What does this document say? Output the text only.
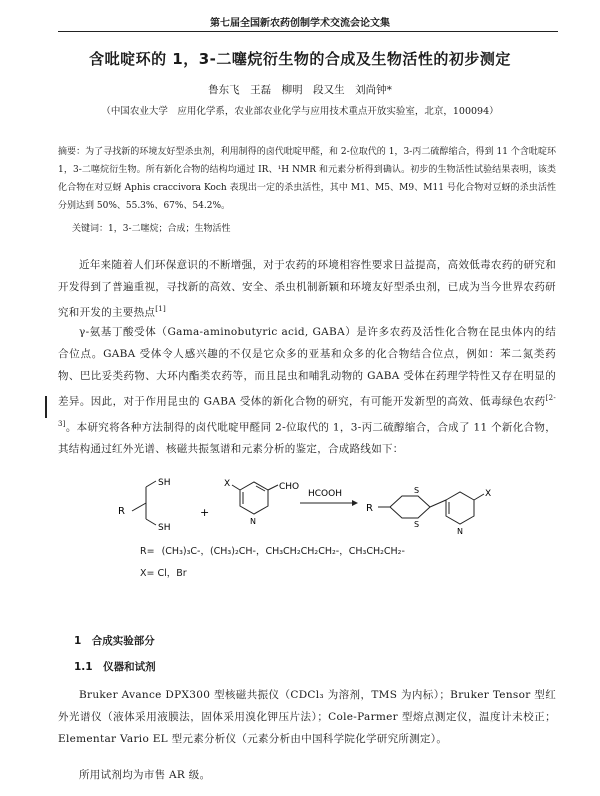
第七届全国新农药创制学术交流会论文集
含吡啶环的 1，3-二噻烷衍生物的合成及生物活性的初步测定
鲁东飞　王磊　柳明　段又生　刘尚钟*
（中国农业大学　应用化学系，农业部农业化学与应用技术重点开放实验室，北京，100094）
摘要：为了寻找新的环境友好型杀虫剂，利用制得的卤代吡啶甲醛，和 2-位取代的 1，3-丙二硫醇缩合，得到 11 个含吡啶环 1，3-二噻烷衍生物。所有新化合物的结构均通过 IR、¹H NMR 和元素分析得到确认。初步的生物活性试验结果表明，该类化合物在对豆蚜 Aphis craccivora Koch 表现出一定的杀虫活性，其中 M1、M5、M9、M11 号化合物对豆蚜的杀虫活性分别达到 50%、55.3%、67%、54.2%。
关键词：1，3-二噻烷；合成；生物活性
近年来随着人们环保意识的不断增强，对于农药的环境相容性要求日益提高，高效低毒农药的研究和开发得到了普遍重视，寻找新的高效、安全、杀虫机制新颖和环境友好型杀虫剂，已成为当今世界农药研究和开发的主要热点[1]
γ-氨基丁酸受体（Gama-aminobutyric acid, GABA）是许多农药及活性化合物在昆虫体内的结合位点。GABA 受体令人感兴趣的不仅是它众多的亚基和众多的化合物结合位点，例如：苯二氮类药物、巴比妥类药物、大环内酯类农药等，而且昆虫和哺乳动物的 GABA 受体在药理学特性又存在明显的差异。因此，对于作用昆虫的 GABA 受体的新化合物的研究，有可能开发新型的高效、低毒绿色农药[2-3]。本研究将各种方法制得的卤代吡啶甲醛同 2-位取代的 1，3-丙二硫醇缩合，合成了 11 个新化合物，其结构通过红外光谱、核磁共振氢谱和元素分析的鉴定，合成路线如下：
R
SH
SH
+
X	CHO
N
HCOOH
R
S
S
X
N
R= (CH₃)₃C-，(CH₃)₂CH-，CH₃CH₂CH₂CH₂-，CH₃CH₂CH₂-
X= Cl，Br
1　合成实验部分
1.1　仪器和试剂
Bruker Avance DPX300 型核磁共振仪（CDCl₃ 为溶剂，TMS 为内标）；Bruker Tensor 型红外光谱仪（液体采用液膜法，固体采用溴化钾压片法）；Cole-Parmer 型熔点测定仪，温度计未校正；Elementar Vario EL 型元素分析仪（元素分析由中国科学院化学研究所测定）。
所用试剂均为市售 AR 级。
